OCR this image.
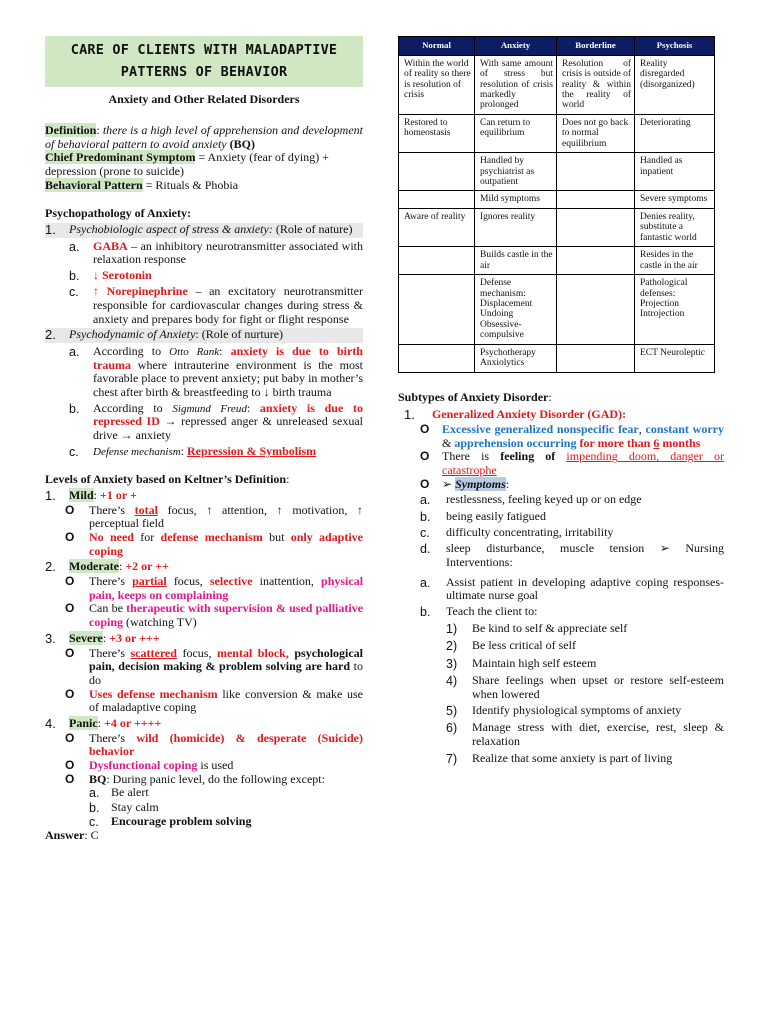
CARE OF CLIENTS WITH MALADAPTIVE
PATTERNS OF BEHAVIOR

Anxiety and Other Related Disorders

Definition: there is a high level of apprehension and development of behavioral pattern to avoid anxiety (BQ)

Chief Predominant Symptom = Anxiety (fear of dying) + depression (prone to suicide)

Behavioral Pattern = Rituals & Phobia

Psychopathology of Anxiety:

1.	Psychobiologic aspect of stress & anxiety: (Role of nature)
a.	GABA – an inhibitory neurotransmitter associated with relaxation response
b.	↓ Serotonin
c.	↑ Norepinephrine – an excitatory neurotransmitter responsible for cardiovascular changes during stress & anxiety and prepares body for fight or flight response
2.	Psychodynamic of Anxiety: (Role of nurture)
a.	According to Otto Rank: anxiety is due to birth trauma where intrauterine environment is the most favorable place to prevent anxiety; put baby in mother’s chest after birth & breastfeeding to ↓ birth trauma
b.	According to Sigmund Freud: anxiety is due to repressed ID → repressed anger & unreleased sexual drive → anxiety
c.	Defense mechanism: Repression & Symbolism

Levels of Anxiety based on Keltner’s Definition:

1.	Mild: +1 or +
O	There’s total focus, ↑ attention, ↑ motivation, ↑ perceptual field
O	No need for defense mechanism but only adaptive coping
2.	Moderate: +2 or ++
O	There’s partial focus, selective inattention, physical pain, keeps on complaining
O	Can be therapeutic with supervision & used palliative coping (watching TV)
3.	Severe: +3 or +++
O	There’s scattered focus, mental block, psychological pain, decision making & problem solving are hard to do
O	Uses defense mechanism like conversion & make use of maladaptive coping
4.	Panic: +4 or ++++
O	There’s wild (homicide) & desperate (Suicide) behavior
O	Dysfunctional coping is used
O	BQ: During panic level, do the following except:
a. Be alert
b. Stay calm
c.	Encourage problem solving

Answer: C

Normal	Anxiety	Borderline	Psychosis
Within the world of reality so there is resolution of crisis	With same amount of stress but resolution of crisis markedly prolonged	Resolution of crisis is outside of reality & within the reality of world	Reality disregarded (disorganized)
Restored to homeostasis	Can return to equilibrium	Does not go back to normal equilibrium	Deteriorating
	Handled by psychiatrist as outpatient		Handled as inpatient
	Mild symptoms		Severe symptoms
Aware of reality	Ignores reality		Denies reality, substitute a fantastic world
	Builds castle in the air		Resides in the castle in the air
	Defense mechanism: Displacement Undoing Obsessive-compulsive		Pathological defenses: Projection Introjection
	Psychotherapy Anxiolytics		ECT Neuroleptic

Subtypes of Anxiety Disorder:

1.	Generalized Anxiety Disorder (GAD):
O	Excessive generalized nonspecific fear, constant worry & apprehension occurring for more than 6 months
O	There is feeling of impending doom, danger or catastrophe
O	➢ Symptoms:
a.	restlessness, feeling keyed up or on edge
b.	being easily fatigued
c.	difficulty concentrating, irritability
d.	sleep disturbance, muscle tension ➢ Nursing Interventions:
a.	Assist patient in developing adaptive coping responses-ultimate nurse goal
b.	Teach the client to:
1)	Be kind to self & appreciate self
2)	Be less critical of self
3)	Maintain high self esteem
4)	Share feelings when upset or restore self-esteem when lowered
5)	Identify physiological symptoms of anxiety
6)	Manage stress with diet, exercise, rest, sleep & relaxation
7)	Realize that some anxiety is part of living
